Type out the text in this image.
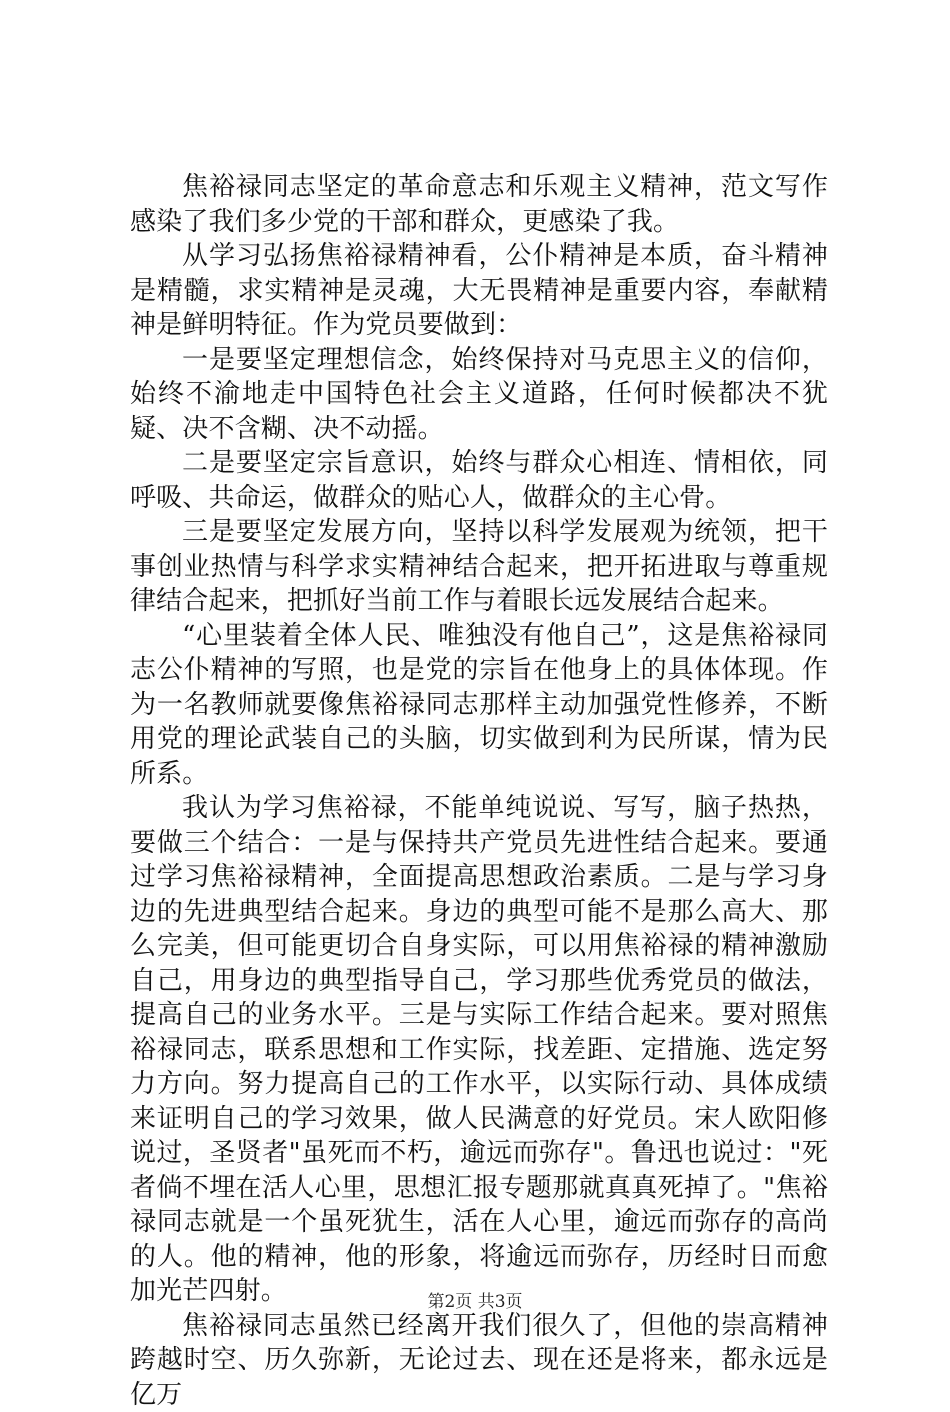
焦裕禄同志坚定的革命意志和乐观主义精神，范文写作感染了我们多少党的干部和群众，更感染了我。

从学习弘扬焦裕禄精神看，公仆精神是本质，奋斗精神是精髓，求实精神是灵魂，大无畏精神是重要内容，奉献精神是鲜明特征。作为党员要做到：

一是要坚定理想信念，始终保持对马克思主义的信仰，始终不渝地走中国特色社会主义道路，任何时候都决不犹疑、决不含糊、决不动摇。

二是要坚定宗旨意识，始终与群众心相连、情相依，同呼吸、共命运，做群众的贴心人，做群众的主心骨。

三是要坚定发展方向，坚持以科学发展观为统领，把干事创业热情与科学求实精神结合起来，把开拓进取与尊重规律结合起来，把抓好当前工作与着眼长远发展结合起来。

“心里装着全体人民、唯独没有他自己”，这是焦裕禄同志公仆精神的写照，也是党的宗旨在他身上的具体体现。作为一名教师就要像焦裕禄同志那样主动加强党性修养，不断用党的理论武装自己的头脑，切实做到利为民所谋，情为民所系。

我认为学习焦裕禄，不能单纯说说、写写，脑子热热，要做三个结合：一是与保持共产党员先进性结合起来。要通过学习焦裕禄精神，全面提高思想政治素质。二是与学习身边的先进典型结合起来。身边的典型可能不是那么高大、那么完美，但可能更切合自身实际，可以用焦裕禄的精神激励自己，用身边的典型指导自己，学习那些优秀党员的做法，提高自己的业务水平。三是与实际工作结合起来。要对照焦裕禄同志，联系思想和工作实际，找差距、定措施、选定努力方向。努力提高自己的工作水平，以实际行动、具体成绩来证明自己的学习效果，做人民满意的好党员。宋人欧阳修说过，圣贤者"虽死而不朽，逾远而弥存"。鲁迅也说过："死者倘不埋在活人心里，思想汇报专题那就真真死掉了。"焦裕禄同志就是一个虽死犹生，活在人心里，逾远而弥存的高尚的人。他的精神，他的形象，将逾远而弥存，历经时日而愈加光芒四射。

焦裕禄同志虽然已经离开我们很久了，但他的崇高精神跨越时空、历久弥新，无论过去、现在还是将来，都永远是亿万

第2页 共3页
